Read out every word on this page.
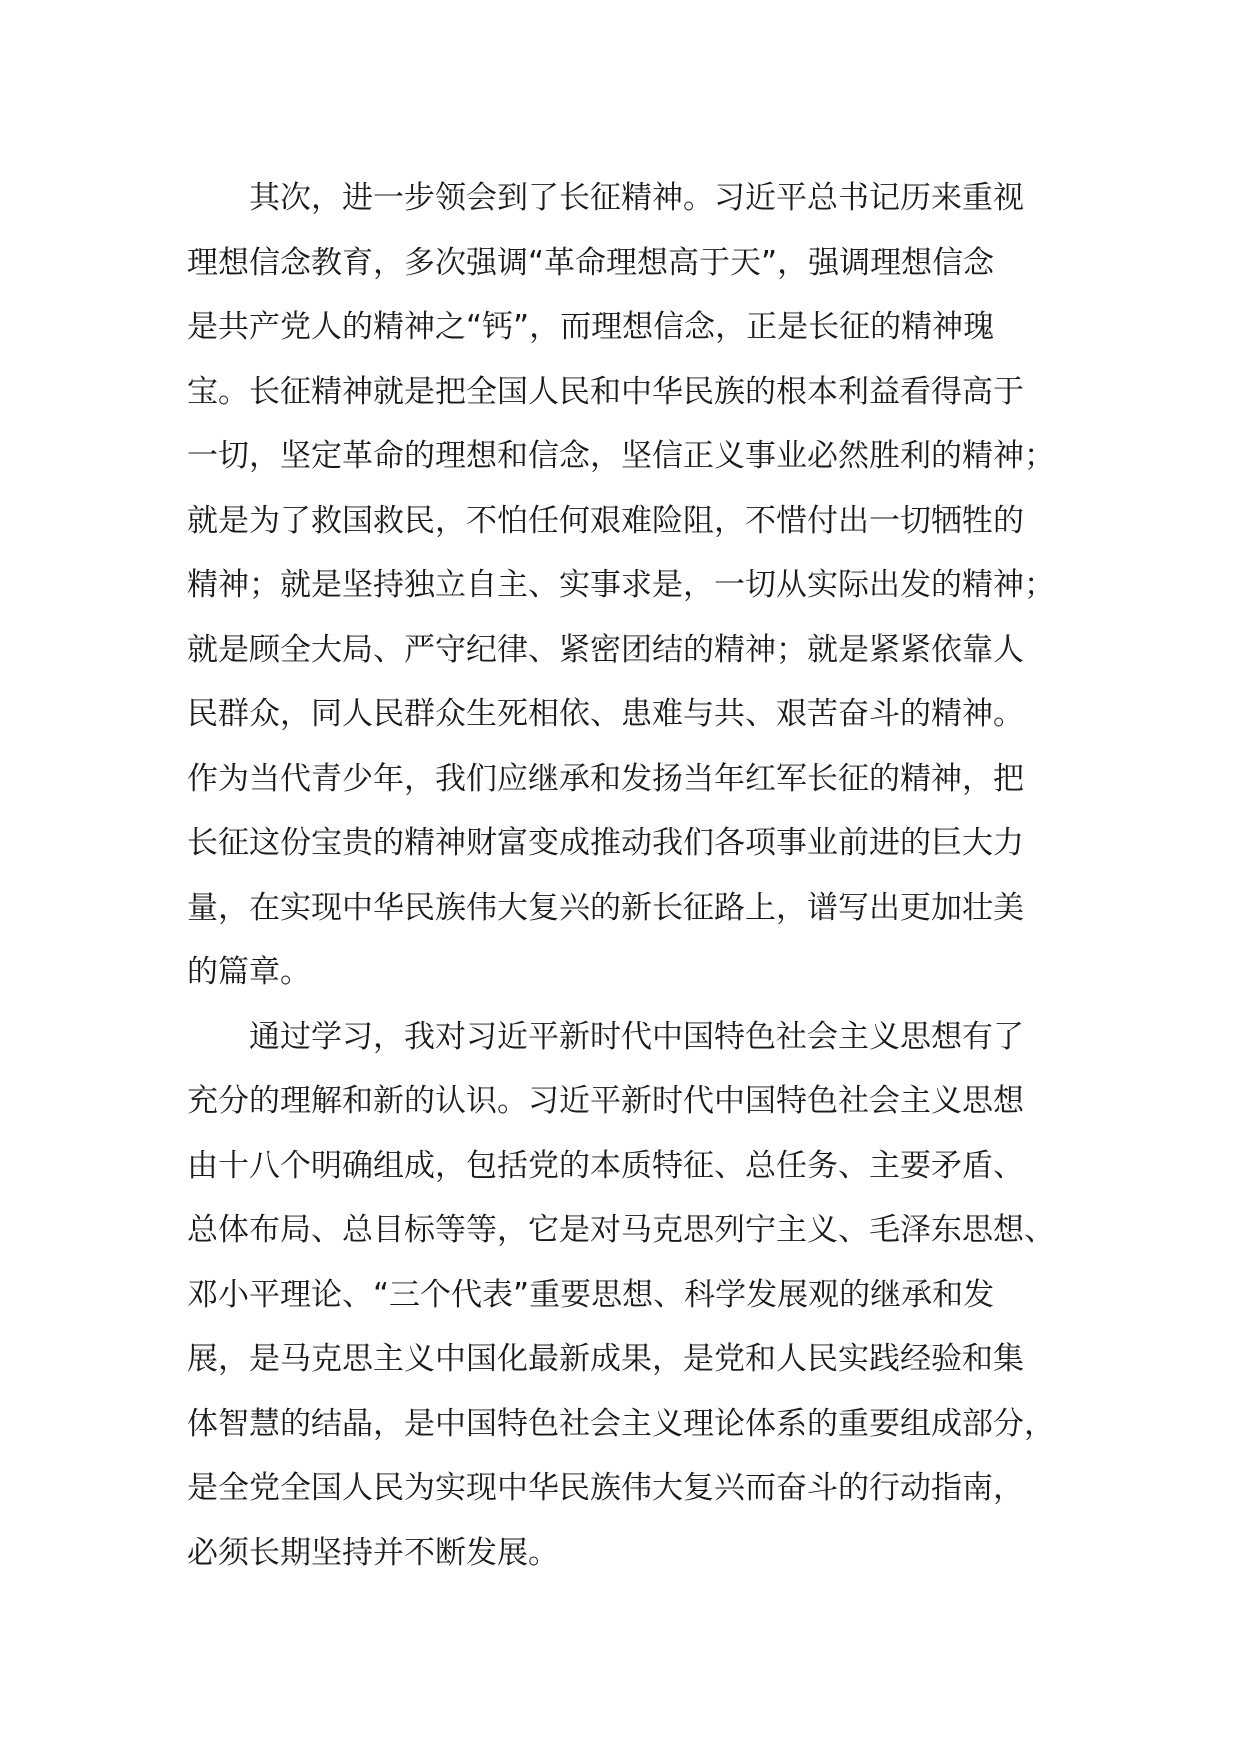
其次，进一步领会到了长征精神。习近平总书记历来重视
理想信念教育，多次强调“革命理想高于天”，强调理想信念
是共产党人的精神之“钙”，而理想信念，正是长征的精神瑰
宝。长征精神就是把全国人民和中华民族的根本利益看得高于
一切，坚定革命的理想和信念，坚信正义事业必然胜利的精神；
就是为了救国救民，不怕任何艰难险阻，不惜付出一切牺牲的
精神；就是坚持独立自主、实事求是，一切从实际出发的精神；
就是顾全大局、严守纪律、紧密团结的精神；就是紧紧依靠人
民群众，同人民群众生死相依、患难与共、艰苦奋斗的精神。
作为当代青少年，我们应继承和发扬当年红军长征的精神，把
长征这份宝贵的精神财富变成推动我们各项事业前进的巨大力
量，在实现中华民族伟大复兴的新长征路上，谱写出更加壮美
的篇章。
通过学习，我对习近平新时代中国特色社会主义思想有了
充分的理解和新的认识。习近平新时代中国特色社会主义思想
由十八个明确组成，包括党的本质特征、总任务、主要矛盾、
总体布局、总目标等等，它是对马克思列宁主义、毛泽东思想、
邓小平理论、“三个代表”重要思想、科学发展观的继承和发
展，是马克思主义中国化最新成果，是党和人民实践经验和集
体智慧的结晶，是中国特色社会主义理论体系的重要组成部分，
是全党全国人民为实现中华民族伟大复兴而奋斗的行动指南，
必须长期坚持并不断发展。
